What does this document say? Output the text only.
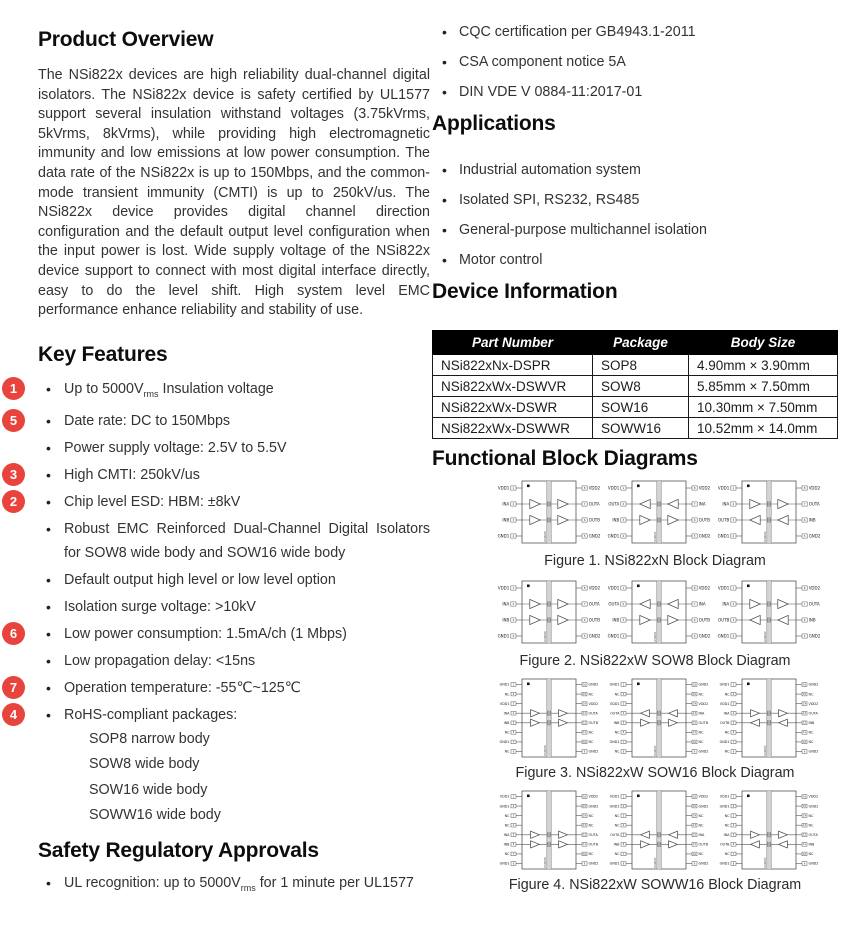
Product Overview

The NSi822x devices are high reliability dual-channel digital isolators. The NSi822x device is safety certified by UL1577 support several insulation withstand voltages (3.75kVrms, 5kVrms, 8kVrms), while providing high electromagnetic immunity and low emissions at low power consumption. The data rate of the NSi822x is up to 150Mbps, and the common-mode transient immunity (CMTI) is up to 250kV/us. The NSi822x device provides digital channel direction configuration and the default output level configuration when the input power is lost. Wide supply voltage of the NSi822x device support to connect with most digital interface directly, easy to do the level shift. High system level EMC performance enhance reliability and stability of use.

Key Features
1	• Up to $5000V_{rms}$ Insulation voltage
5	• Date rate: DC to 150Mbps
• Power supply voltage: 2.5V to 5.5V
3	• High CMTI: 250kV/us
2	• Chip level ESD: HBM: ±8kV
• Robust EMC Reinforced Dual-Channel Digital Isolators for SOW8 wide body and SOW16 wide body
• Default output high level or low level option
• Isolation surge voltage: >10kV
6	• Low power consumption: 1.5mA/ch (1 Mbps)
• Low propagation delay: <15ns
7	• Operation temperature: -55℃~125℃
4	• RoHS-compliant packages:
SOP8 narrow body
SOW8 wide body
SOW16 wide body
SOWW16 wide body
Safety Regulatory Approvals
• UL recognition: up to $5000V_{rms}$ for 1 minute per UL1577
• CQC certification per GB4943.1-2011
• CSA component notice 5A
• DIN VDE V 0884-11:2017-01
Applications
• Industrial automation system
• Isolated SPI, RS232, RS485
• General-purpose multichannel isolation
• Motor control
Device Information
Part Number	Package	Body Size
NSi822xNx-DSPR	SOP8	4.90mm × 3.90mm
NSi822xWx-DSWVR	SOW8	5.85mm × 7.50mm
NSi822xWx-DSWR	SOW16	10.30mm × 7.50mm
NSi822xWx-DSWWR	SOWW16	10.52mm × 14.0mm
Functional Block Diagrams
1	8
VDD1	VDD2
2	7
INA	OUTA
3	6
INB	OUTB
4	5
GND1	GND2
NSi8220
1	8
VDD1	VDD2
2	7
OUTA	INA
3	6
INB	OUTB
4	5
GND1	GND2
NSi8221
1	8
VDD1	VDD2
2	7
INA	OUTA
3	6
OUTB	INB
4	5
GND1	GND2
NSi8222
Figure 1. NSi822xN Block Diagram
1	8
VDD1	VDD2
2	7
INA	OUTA
3	6
INB	OUTB
4	5
GND1	GND2
NSi8220
1	8
VDD1	VDD2
2	7
OUTA	INA
3	6
INB	OUTB
4	5
GND1	GND2
NSi8221
1	8
VDD1	VDD2
2	7
INA	OUTA
3	6
OUTB	INB
4	5
GND1	GND2
NSi8222
Figure 2. NSi822xW SOW8 Block Diagram
1	16
GND1	GND2
2	15
NC	NC
3	14
VDD1	VDD2
4	13
INA	OUTA
5	12
INB	OUTB
6	11
NC	NC
7	10
GND1	NC
8	9
NC	GND2
NSi8220
1	16
GND1	GND2
2	15
NC	NC
3	14
VDD1	VDD2
4	13
OUTA	INA
5	12
INB	OUTB
6	11
NC	NC
7	10
GND1	NC
8	9
NC	GND2
NSi8221
1	16
GND1	GND2
2	15
NC	NC
3	14
VDD1	VDD2
4	13
INA	OUTA
5	12
OUTB	INB
6	11
NC	NC
7	10
GND1	NC
8	9
NC	GND2
NSi8222
Figure 3. NSi822xW SOW16 Block Diagram
1	16
VDD1	VDD2
2	15
GND1	GND2
3	14
NC	NC
4	13
NC	NC
5	12
INA	OUTA
6	11
INB	OUTB
7	10
NC	NC
8	9
GND1	GND2
NSi8220
1	16
VDD1	VDD2
2	15
GND1	GND2
3	14
NC	NC
4	13
NC	NC
5	12
OUTA	INA
6	11
INB	OUTB
7	10
NC	NC
8	9
GND1	GND2
NSi8221
1	16
VDD1	VDD2
2	15
GND1	GND2
3	14
NC	NC
4	13
NC	NC
5	12
INA	OUTA
6	11
OUTB	INB
7	10
NC	NC
8	9
GND1	GND2
NSi8222
Figure 4. NSi822xW SOWW16 Block Diagram
